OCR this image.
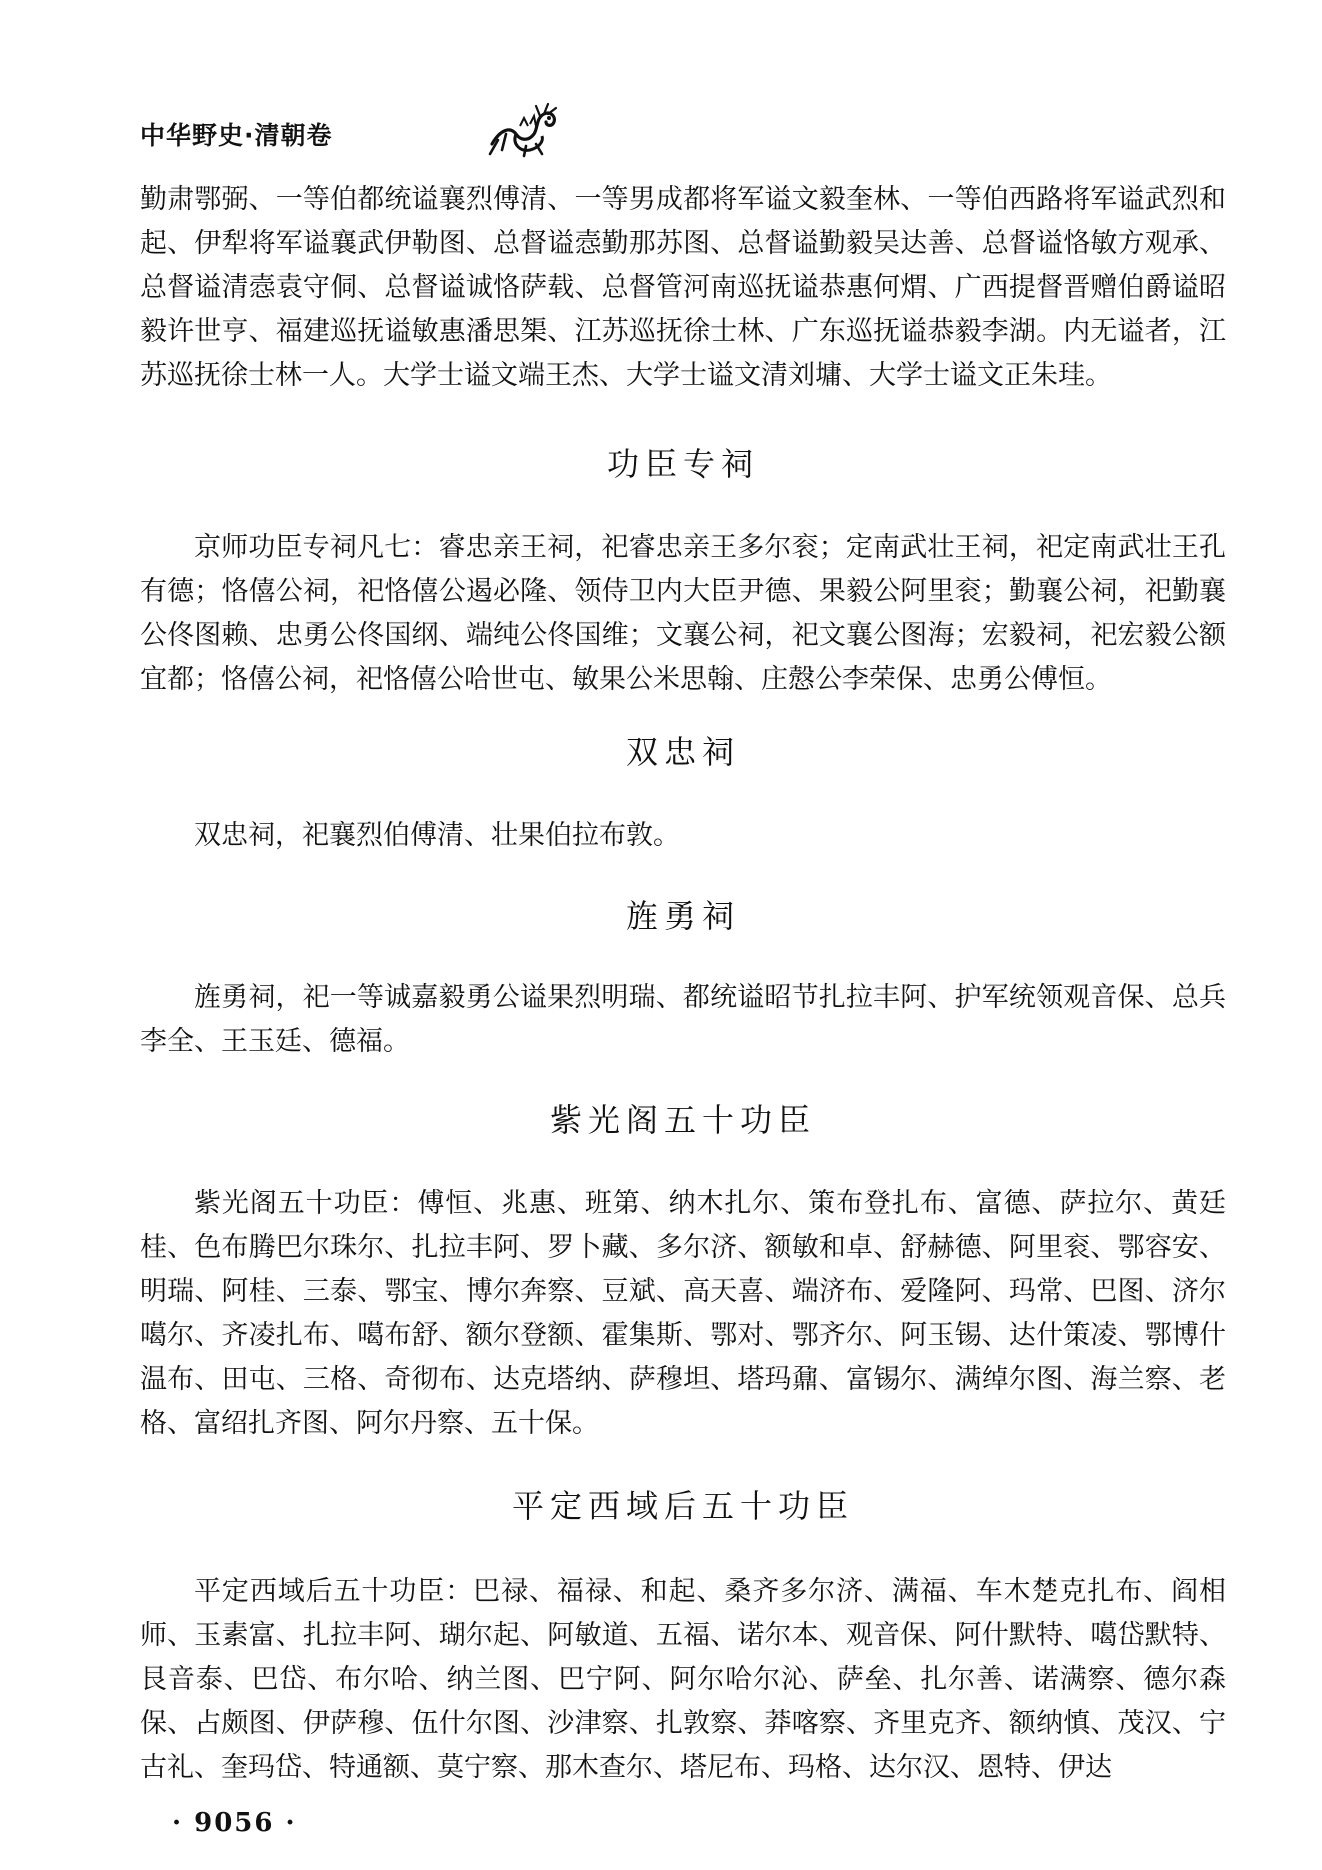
中华野史·清朝卷

勤肃鄂弼、一等伯都统谥襄烈傅清、一等男成都将军谥文毅奎林、一等伯西路将军谥武烈和起、伊犁将军谥襄武伊勒图、总督谥悫勤那苏图、总督谥勤毅吴达善、总督谥恪敏方观承、总督谥清悫袁守侗、总督谥诚恪萨载、总督管河南巡抚谥恭惠何煟、广西提督晋赠伯爵谥昭毅许世亨、福建巡抚谥敏惠潘思榘、江苏巡抚徐士林、广东巡抚谥恭毅李湖。内无谥者，江苏巡抚徐士林一人。大学士谥文端王杰、大学士谥文清刘墉、大学士谥文正朱珪。

功臣专祠

京师功臣专祠凡七：睿忠亲王祠，祀睿忠亲王多尔衮；定南武壮王祠，祀定南武壮王孔有德；恪僖公祠，祀恪僖公遏必隆、领侍卫内大臣尹德、果毅公阿里衮；勤襄公祠，祀勤襄公佟图赖、忠勇公佟国纲、端纯公佟国维；文襄公祠，祀文襄公图海；宏毅祠，祀宏毅公额宜都；恪僖公祠，祀恪僖公哈世屯、敏果公米思翰、庄慤公李荣保、忠勇公傅恒。

双忠祠

双忠祠，祀襄烈伯傅清、壮果伯拉布敦。

旌勇祠

旌勇祠，祀一等诚嘉毅勇公谥果烈明瑞、都统谥昭节扎拉丰阿、护军统领观音保、总兵李全、王玉廷、德福。

紫光阁五十功臣

紫光阁五十功臣：傅恒、兆惠、班第、纳木扎尔、策布登扎布、富德、萨拉尔、黄廷桂、色布腾巴尔珠尔、扎拉丰阿、罗卜藏、多尔济、额敏和卓、舒赫德、阿里衮、鄂容安、明瑞、阿桂、三泰、鄂宝、博尔奔察、豆斌、高天喜、端济布、爱隆阿、玛常、巴图、济尔噶尔、齐凌扎布、噶布舒、额尔登额、霍集斯、鄂对、鄂齐尔、阿玉锡、达什策凌、鄂博什温布、田屯、三格、奇彻布、达克塔纳、萨穆坦、塔玛鼐、富锡尔、满绰尔图、海兰察、老格、富绍扎齐图、阿尔丹察、五十保。

平定西域后五十功臣

平定西域后五十功臣：巴禄、福禄、和起、桑齐多尔济、满福、车木楚克扎布、阎相师、玉素富、扎拉丰阿、瑚尔起、阿敏道、五福、诺尔本、观音保、阿什默特、噶岱默特、艮音泰、巴岱、布尔哈、纳兰图、巴宁阿、阿尔哈尔沁、萨垒、扎尔善、诺满察、德尔森保、占颇图、伊萨穆、伍什尔图、沙津察、扎敦察、莽喀察、齐里克齐、额纳慎、茂汉、宁古礼、奎玛岱、特通额、莫宁察、那木查尔、塔尼布、玛格、达尔汉、恩特、伊达

· 9056 ·
